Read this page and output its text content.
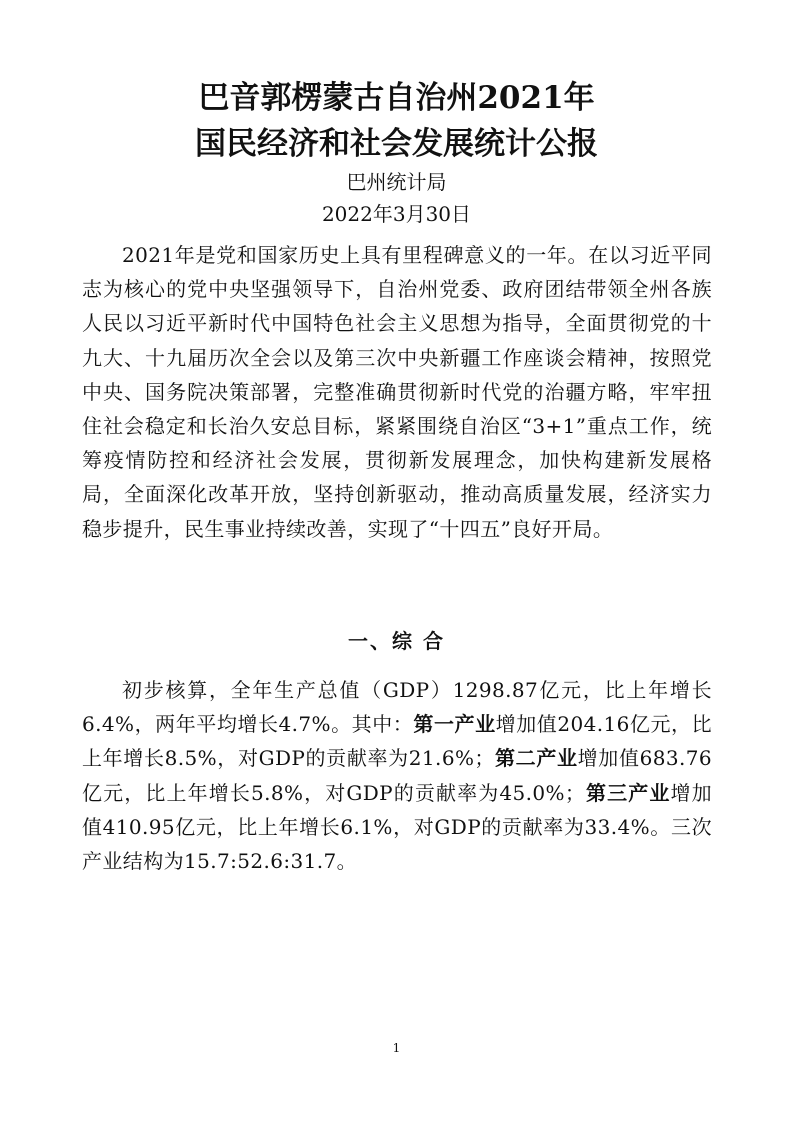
巴音郭楞蒙古自治州2021年
国民经济和社会发展统计公报

巴州统计局

2022年3月30日

2021年是党和国家历史上具有里程碑意义的一年。在以习近平同志为核心的党中央坚强领导下，自治州党委、政府团结带领全州各族人民以习近平新时代中国特色社会主义思想为指导，全面贯彻党的十九大、十九届历次全会以及第三次中央新疆工作座谈会精神，按照党中央、国务院决策部署，完整准确贯彻新时代党的治疆方略，牢牢扭住社会稳定和长治久安总目标，紧紧围绕自治区“3+1”重点工作，统筹疫情防控和经济社会发展，贯彻新发展理念，加快构建新发展格局，全面深化改革开放，坚持创新驱动，推动高质量发展，经济实力稳步提升，民生事业持续改善，实现了“十四五”良好开局。

一、综 合

初步核算，全年生产总值（GDP）1298.87亿元，比上年增长6.4%，两年平均增长4.7%。其中：第一产业增加值204.16亿元，比上年增长8.5%，对GDP的贡献率为21.6%；第二产业增加值683.76亿元，比上年增长5.8%，对GDP的贡献率为45.0%；第三产业增加值410.95亿元，比上年增长6.1%，对GDP的贡献率为33.4%。三次产业结构为15.7:52.6:31.7。

1
